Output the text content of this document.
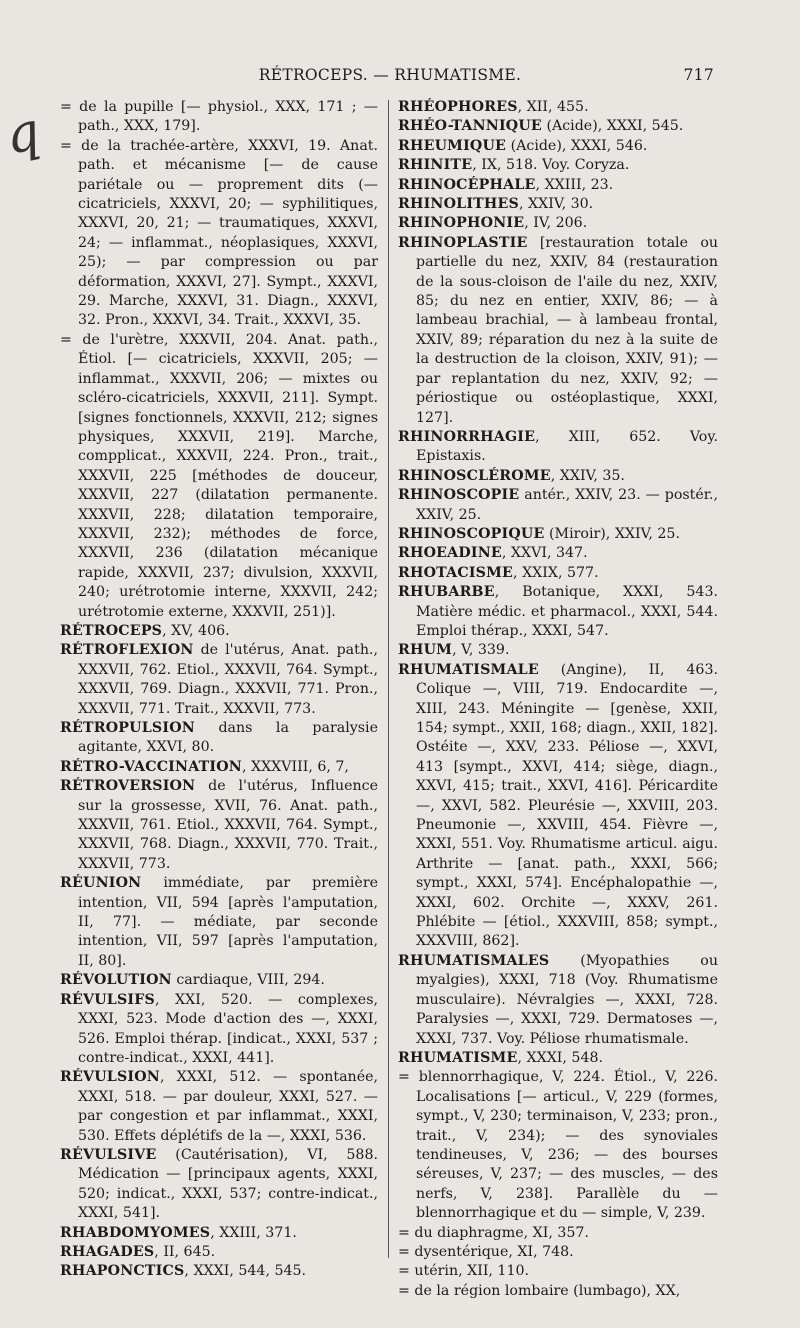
RÉTROCEPS. — RHUMATISME.	717
q = de la pupille [— physiol., XXX, 171 ; — path., XXX, 179].
= de la trachée-artère, XXXVI, 19. Anat. path. et mécanisme [— de cause pariétale ou — proprement dits (— cicatriciels, XXXVI, 20; — syphilitiques, XXXVI, 20, 21; — traumatiques, XXXVI, 24; — inflammat., néoplasiques, XXXVI, 25); — par compression ou par déformation, XXXVI, 27]. Sympt., XXXVI, 29. Marche, XXXVI, 31. Diagn., XXXVI, 32. Pron., XXXVI, 34. Trait., XXXVI, 35.
= de l'urètre, XXXVII, 204. Anat. path., Étiol. [— cicatriciels, XXXVII, 205; — inflammat., XXXVII, 206; — mixtes ou scléro-cicatriciels, XXXVII, 211]. Sympt. [signes fonctionnels, XXXVII, 212; signes physiques, XXXVII, 219]. Marche, compplicat., XXXVII, 224. Pron., trait., XXXVII, 225 [méthodes de douceur, XXXVII, 227 (dilatation permanente. XXXVII, 228; dilatation temporaire, XXXVII, 232); méthodes de force, XXXVII, 236 (dilatation mécanique rapide, XXXVII, 237; divulsion, XXXVII, 240; urétrotomie interne, XXXVII, 242; urétrotomie externe, XXXVII, 251)].
RÉTROCEPS, XV, 406.
RÉTROFLEXION de l'utérus, Anat. path., XXXVII, 762. Etiol., XXXVII, 764. Sympt., XXXVII, 769. Diagn., XXXVII, 771. Pron., XXXVII, 771. Trait., XXXVII, 773.
RÉTROPULSION dans la paralysie agitante, XXVI, 80.
RÉTRO-VACCINATION, XXXVIII, 6, 7,
RÉTROVERSION de l'utérus, Influence sur la grossesse, XVII, 76. Anat. path., XXXVII, 761. Etiol., XXXVII, 764. Sympt., XXXVII, 768. Diagn., XXXVII, 770. Trait., XXXVII, 773.
RÉUNION immédiate, par première intention, VII, 594 [après l'amputation, II, 77]. — médiate, par seconde intention, VII, 597 [après l'amputation, II, 80].
RÉVOLUTION cardiaque, VIII, 294.
RÉVULSIFS, XXI, 520. — complexes, XXXI, 523. Mode d'action des —, XXXI, 526. Emploi thérap. [indicat., XXXI, 537 ; contre-indicat., XXXI, 441].
RÉVULSION, XXXI, 512. — spontanée, XXXI, 518. — par douleur, XXXI, 527. — par congestion et par inflammat., XXXI, 530. Effets déplétifs de la —, XXXI, 536.
RÉVULSIVE (Cautérisation), VI, 588. Médication — [principaux agents, XXXI, 520; indicat., XXXI, 537; contre-indicat., XXXI, 541].
RHABDOMYOMES, XXIII, 371.
RHAGADES, II, 645.
RHAPONCTICS, XXXI, 544, 545.
RHÉOPHORES, XII, 455.
RHÉO-TANNIQUE (Acide), XXXI, 545.
RHEUMIQUE (Acide), XXXI, 546.
RHINITE, IX, 518. Voy. Coryza.
RHINOCÉPHALE, XXIII, 23.
RHINOLITHES, XXIV, 30.
RHINOPHONIE, IV, 206.
RHINOPLASTIE [restauration totale ou partielle du nez, XXIV, 84 (restauration de la sous-cloison de l'aile du nez, XXIV, 85; du nez en entier, XXIV, 86; — à lambeau brachial, — à lambeau frontal, XXIV, 89; réparation du nez à la suite de la destruction de la cloison, XXIV, 91); — par replantation du nez, XXIV, 92; — périostique ou ostéoplastique, XXXI, 127].
RHINORRHAGIE, XIII, 652. Voy. Epistaxis.
RHINOSCLÉROME, XXIV, 35.
RHINOSCOPIE antér., XXIV, 23. — postér., XXIV, 25.
RHINOSCOPIQUE (Miroir), XXIV, 25.
RHOEADINE, XXVI, 347.
RHOTACISME, XXIX, 577.
RHUBARBE, Botanique, XXXI, 543. Matière médic. et pharmacol., XXXI, 544. Emploi thérap., XXXI, 547.
RHUM, V, 339.
RHUMATISMALE (Angine), II, 463. Colique —, VIII, 719. Endocardite —, XIII, 243. Méningite — [genèse, XXII, 154; sympt., XXII, 168; diagn., XXII, 182]. Ostéite —, XXV, 233. Péliose —, XXVI, 413 [sympt., XXVI, 414; siège, diagn., XXVI, 415; trait., XXVI, 416]. Péricardite —, XXVI, 582. Pleurésie —, XXVIII, 203. Pneumonie —, XXVIII, 454. Fièvre —, XXXI, 551. Voy. Rhumatisme articul. aigu. Arthrite — [anat. path., XXXI, 566; sympt., XXXI, 574]. Encéphalopathie —, XXXI, 602. Orchite —, XXXV, 261. Phlébite — [étiol., XXXVIII, 858; sympt., XXXVIII, 862].
RHUMATISMALES (Myopathies ou myalgies), XXXI, 718 (Voy. Rhumatisme musculaire). Névralgies —, XXXI, 728. Paralysies —, XXXI, 729. Dermatoses —, XXXI, 737. Voy. Péliose rhumatismale.
RHUMATISME, XXXI, 548.
= blennorrhagique, V, 224. Étiol., V, 226. Localisations [— articul., V, 229 (formes, sympt., V, 230; terminaison, V, 233; pron., trait., V, 234); — des synoviales tendineuses, V, 236; — des bourses séreuses, V, 237; — des muscles, — des nerfs, V, 238]. Parallèle du — blennorrhagique et du — simple, V, 239.
= du diaphragme, XI, 357.
= dysentérique, XI, 748.
= utérin, XII, 110.
= de la région lombaire (lumbago), XX,
